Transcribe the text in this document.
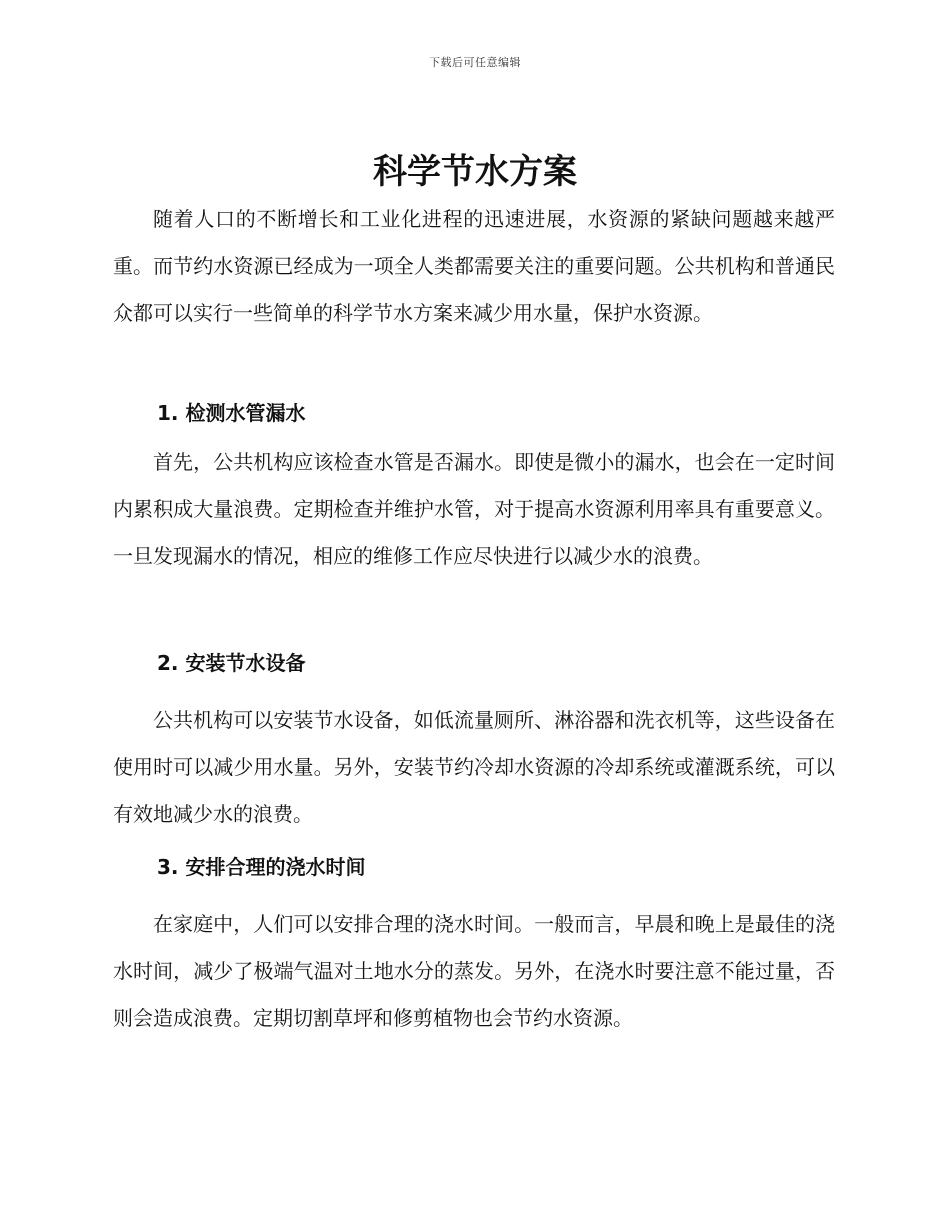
下载后可任意编辑
科学节水方案

随着人口的不断增长和工业化进程的迅速进展，水资源的紧缺问题越来越严重。而节约水资源已经成为一项全人类都需要关注的重要问题。公共机构和普通民众都可以实行一些简单的科学节水方案来减少用水量，保护水资源。

1. 检测水管漏水

首先，公共机构应该检查水管是否漏水。即使是微小的漏水，也会在一定时间内累积成大量浪费。定期检查并维护水管，对于提高水资源利用率具有重要意义。一旦发现漏水的情况，相应的维修工作应尽快进行以减少水的浪费。

2. 安装节水设备

公共机构可以安装节水设备，如低流量厕所、淋浴器和洗衣机等，这些设备在使用时可以减少用水量。另外，安装节约冷却水资源的冷却系统或灌溉系统，可以有效地减少水的浪费。

3. 安排合理的浇水时间

在家庭中，人们可以安排合理的浇水时间。一般而言，早晨和晚上是最佳的浇水时间，减少了极端气温对土地水分的蒸发。另外，在浇水时要注意不能过量，否则会造成浪费。定期切割草坪和修剪植物也会节约水资源。
